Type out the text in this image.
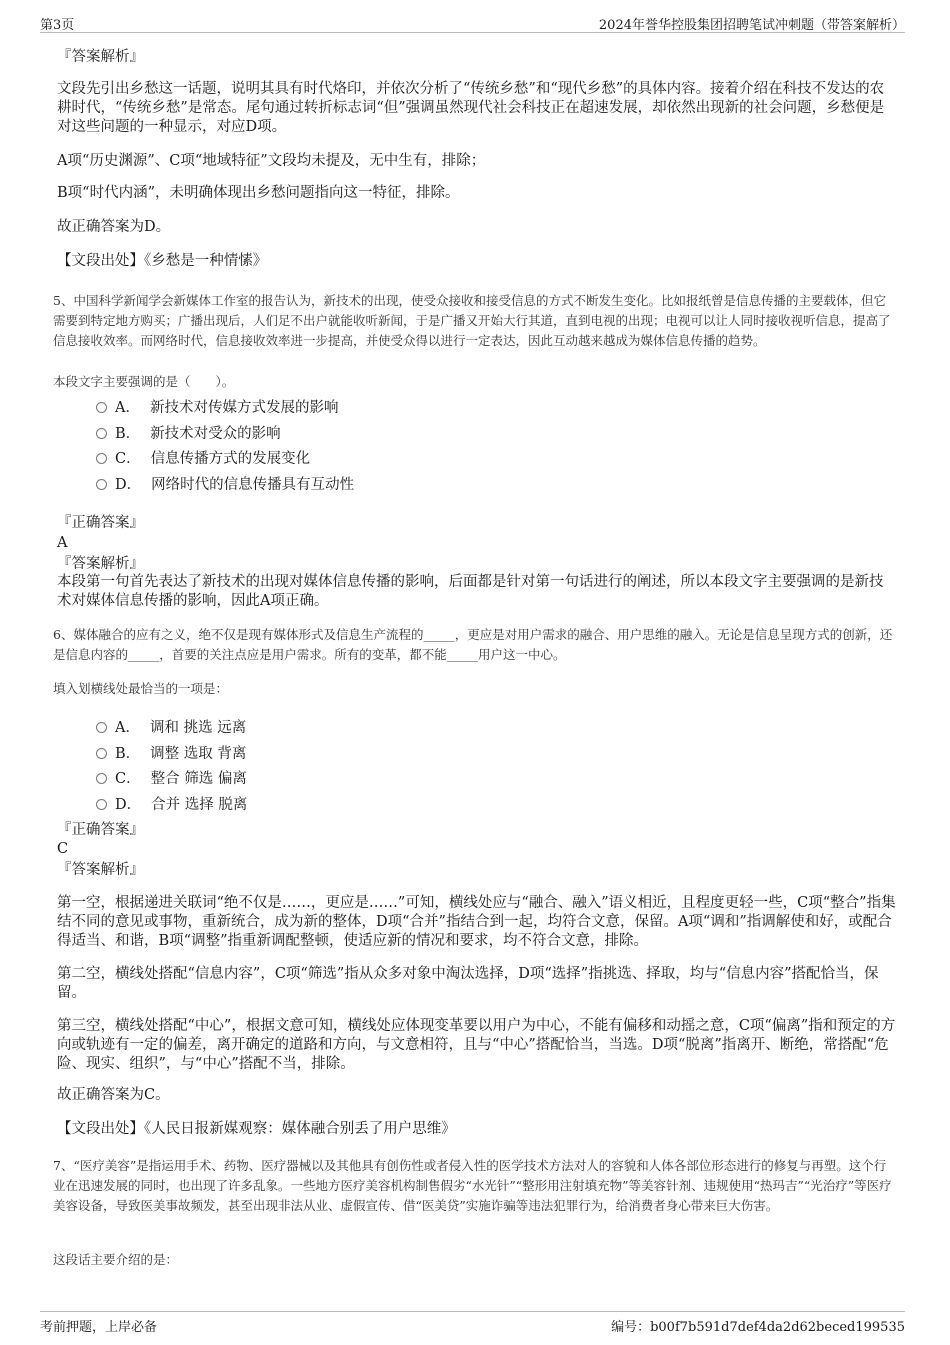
第3页	2024年誉华控股集团招聘笔试冲刺题（带答案解析）
『答案解析』
文段先引出乡愁这一话题，说明其具有时代烙印，并依次分析了“传统乡愁”和“现代乡愁”的具体内容。接着介绍在科技不发达的农耕时代，“传统乡愁”是常态。尾句通过转折标志词“但”强调虽然现代社会科技正在超速发展，却依然出现新的社会问题，乡愁便是对这些问题的一种显示，对应D项。
A项“历史渊源”、C项“地域特征”文段均未提及，无中生有，排除；
B项“时代内涵”，未明确体现出乡愁问题指向这一特征，排除。
故正确答案为D。
【文段出处】《乡愁是一种情愫》
5、中国科学新闻学会新媒体工作室的报告认为，新技术的出现，使受众接收和接受信息的方式不断发生变化。比如报纸曾是信息传播的主要载体，但它需要到特定地方购买；广播出现后，人们足不出户就能收听新闻，于是广播又开始大行其道，直到电视的出现；电视可以让人同时接收视听信息，提高了信息接收效率。而网络时代，信息接收效率进一步提高，并使受众得以进行一定表达，因此互动越来越成为媒体信息传播的趋势。
本段文字主要强调的是（　　）。
A． 新技术对传媒方式发展的影响
B． 新技术对受众的影响
C． 信息传播方式的发展变化
D． 网络时代的信息传播具有互动性
『正确答案』
A
『答案解析』
本段第一句首先表达了新技术的出现对媒体信息传播的影响，后面都是针对第一句话进行的阐述，所以本段文字主要强调的是新技术对媒体信息传播的影响，因此A项正确。
6、媒体融合的应有之义，绝不仅是现有媒体形式及信息生产流程的_____，更应是对用户需求的融合、用户思维的融入。无论是信息呈现方式的创新，还是信息内容的_____，首要的关注点应是用户需求。所有的变革，都不能_____用户这一中心。
填入划横线处最恰当的一项是：
A． 调和 挑选 远离
B． 调整 选取 背离
C． 整合 筛选 偏离
D． 合并 选择 脱离
『正确答案』
C
『答案解析』
第一空，根据递进关联词“绝不仅是……，更应是……”可知，横线处应与“融合、融入”语义相近，且程度更轻一些，C项“整合”指集结不同的意见或事物，重新统合，成为新的整体，D项“合并”指结合到一起，均符合文意，保留。A项“调和”指调解使和好，或配合得适当、和谐，B项“调整”指重新调配整顿，使适应新的情况和要求，均不符合文意，排除。
第二空，横线处搭配“信息内容”，C项“筛选”指从众多对象中淘汰选择，D项“选择”指挑选、择取，均与“信息内容”搭配恰当，保留。
第三空，横线处搭配“中心”，根据文意可知，横线处应体现变革要以用户为中心，不能有偏移和动摇之意，C项“偏离”指和预定的方向或轨迹有一定的偏差，离开确定的道路和方向，与文意相符，且与“中心”搭配恰当，当选。D项“脱离”指离开、断绝，常搭配“危险、现实、组织”，与“中心”搭配不当，排除。
故正确答案为C。
【文段出处】《人民日报新媒观察：媒体融合别丢了用户思维》
7、“医疗美容”是指运用手术、药物、医疗器械以及其他具有创伤性或者侵入性的医学技术方法对人的容貌和人体各部位形态进行的修复与再塑。这个行业在迅速发展的同时，也出现了许多乱象。一些地方医疗美容机构制售假劣“水光针”“整形用注射填充物”等美容针剂、违规使用“热玛吉”“光治疗”等医疗美容设备，导致医美事故频发，甚至出现非法从业、虚假宣传、借“医美贷”实施诈骗等违法犯罪行为，给消费者身心带来巨大伤害。
这段话主要介绍的是：
考前押题，上岸必备	编号：b00f7b591d7def4da2d62beced199535
